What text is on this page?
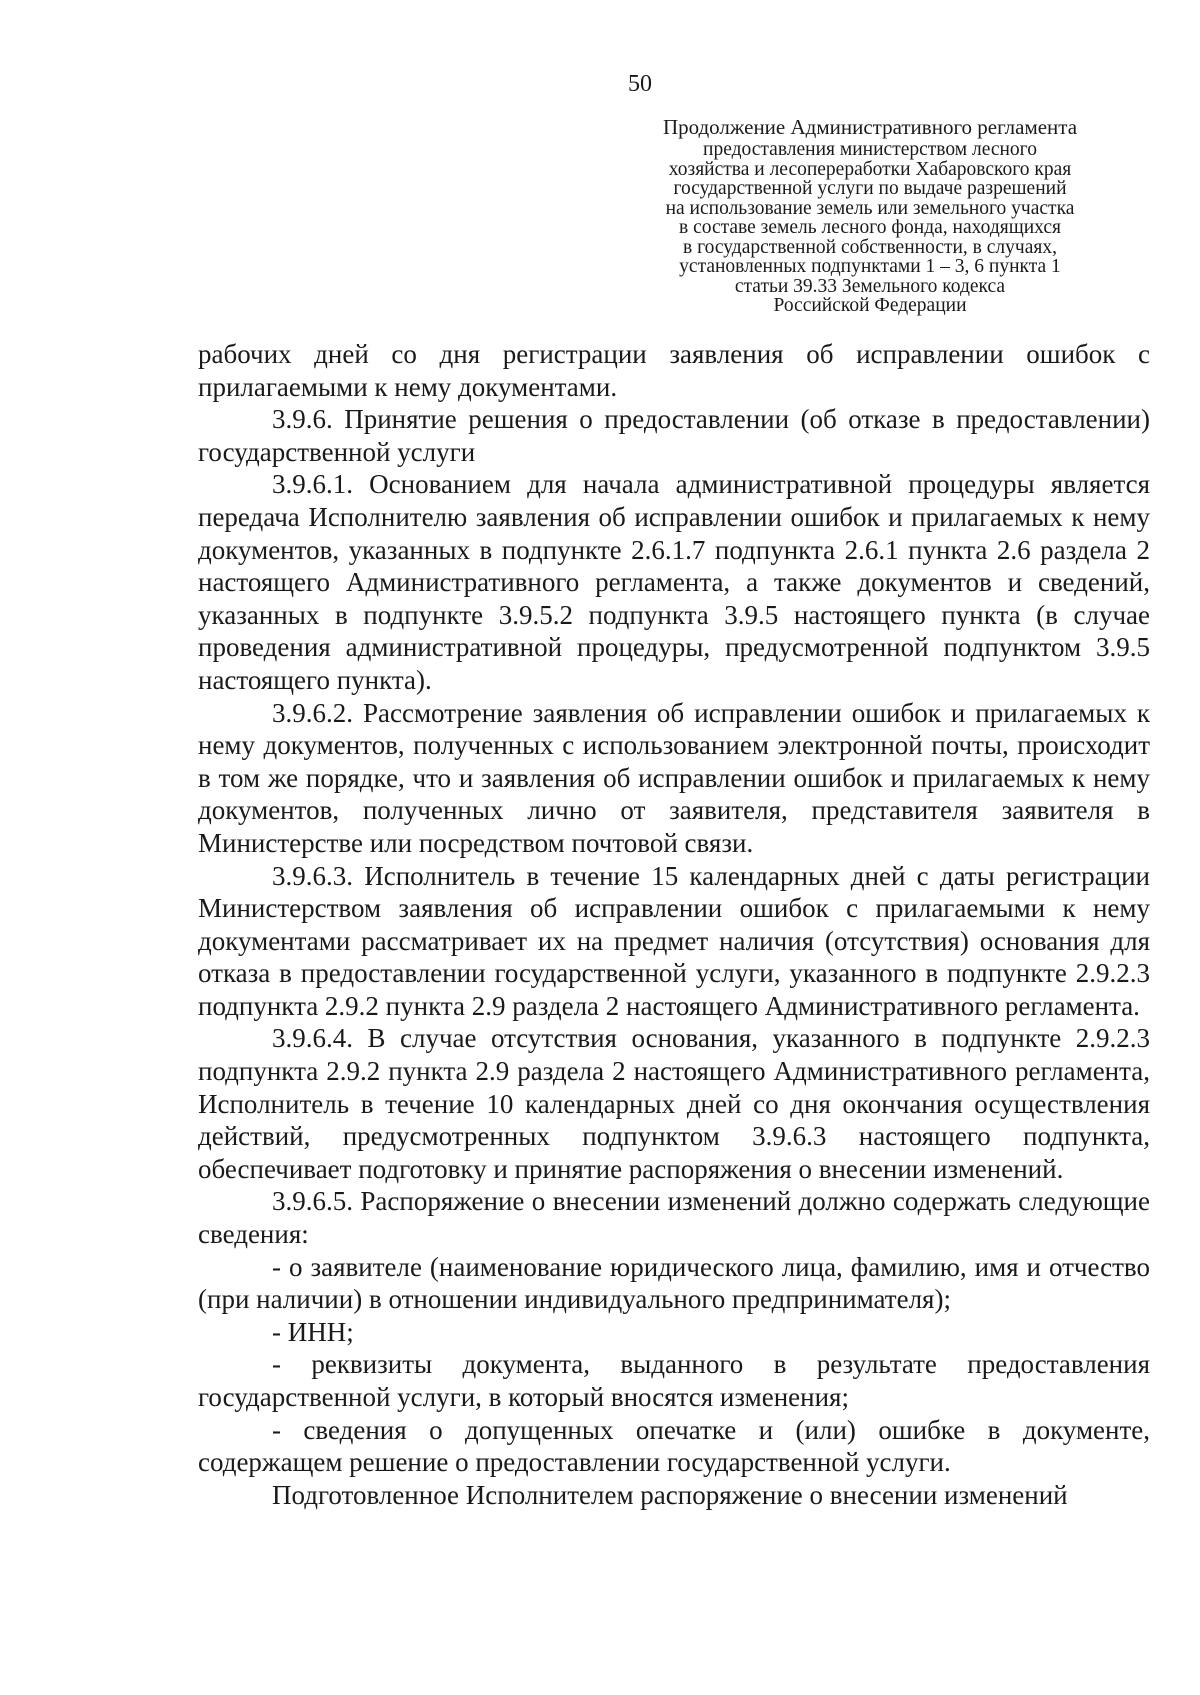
50
Продолжение Административного регламента
предоставления министерством лесного
хозяйства и лесопереработки Хабаровского края
государственной услуги по выдаче разрешений
на использование земель или земельного участка
в составе земель лесного фонда, находящихся
в государственной собственности, в случаях,
установленных подпунктами 1 – 3, 6 пункта 1
статьи 39.33 Земельного кодекса
Российской Федерации

рабочих дней со дня регистрации заявления об исправлении ошибок с прилагаемыми к нему документами.

3.9.6. Принятие решения о предоставлении (об отказе в предоставлении) государственной услуги

3.9.6.1. Основанием для начала административной процедуры является передача Исполнителю заявления об исправлении ошибок и прилагаемых к нему документов, указанных в подпункте 2.6.1.7 подпункта 2.6.1 пункта 2.6 раздела 2 настоящего Административного регламента, а также документов и сведений, указанных в подпункте 3.9.5.2 подпункта 3.9.5 настоящего пункта (в случае проведения административной процедуры, предусмотренной подпунктом 3.9.5 настоящего пункта).

3.9.6.2. Рассмотрение заявления об исправлении ошибок и прилагаемых к нему документов, полученных с использованием электронной почты, происходит в том же порядке, что и заявления об исправлении ошибок и прилагаемых к нему документов, полученных лично от заявителя, представителя заявителя в Министерстве или посредством почтовой связи.

3.9.6.3. Исполнитель в течение 15 календарных дней с даты регистрации Министерством заявления об исправлении ошибок с прилагаемыми к нему документами рассматривает их на предмет наличия (отсутствия) основания для отказа в предоставлении государственной услуги, указанного в подпункте 2.9.2.3 подпункта 2.9.2 пункта 2.9 раздела 2 настоящего Административного регламента.

3.9.6.4. В случае отсутствия основания, указанного в подпункте 2.9.2.3 подпункта 2.9.2 пункта 2.9 раздела 2 настоящего Административного регламента, Исполнитель в течение 10 календарных дней со дня окончания осуществления действий, предусмотренных подпунктом 3.9.6.3 настоящего подпункта, обеспечивает подготовку и принятие распоряжения о внесении изменений.

3.9.6.5. Распоряжение о внесении изменений должно содержать следующие сведения:

- о заявителе (наименование юридического лица, фамилию, имя и отчество (при наличии) в отношении индивидуального предпринимателя);

- ИНН;

- реквизиты документа, выданного в результате предоставления государственной услуги, в который вносятся изменения;

- сведения о допущенных опечатке и (или) ошибке в документе, содержащем решение о предоставлении государственной услуги.

Подготовленное Исполнителем распоряжение о внесении изменений
